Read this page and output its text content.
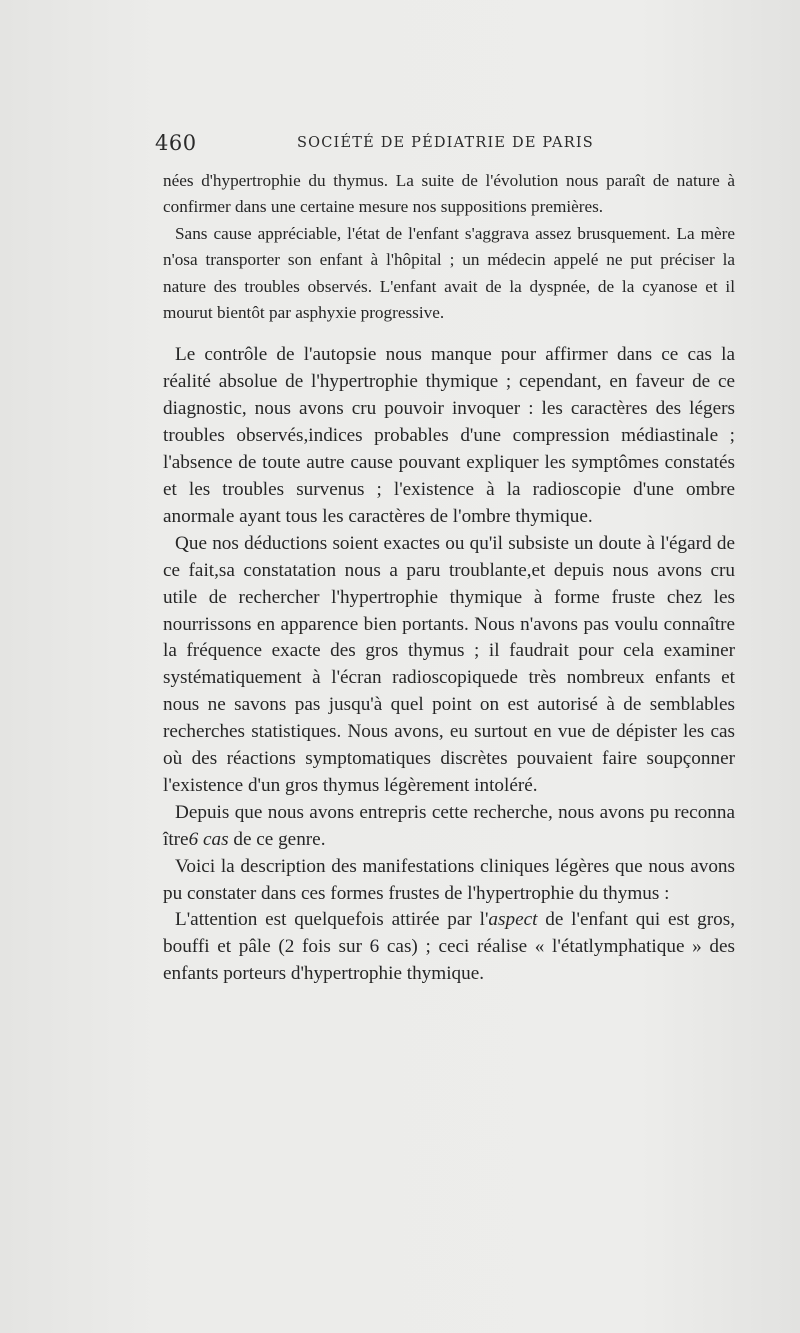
460	SOCIÉTÉ DE PÉDIATRIE DE PARIS

nées d'hypertrophie du thymus. La suite de l'évolution nous paraît de nature à confirmer dans une certaine mesure nos suppositions premières.

Sans cause appréciable, l'état de l'enfant s'aggrava assez brusquement. La mère n'osa transporter son enfant à l'hôpital ; un médecin appelé ne put préciser la nature des troubles observés. L'enfant avait de la dyspnée, de la cyanose et il mourut bientôt par asphyxie progressive.

Le contrôle de l'autopsie nous manque pour affirmer dans ce cas la réalité absolue de l'hypertrophie thymique ; cependant, en faveur de ce diagnostic, nous avons cru pouvoir invoquer : les caractères des légers troubles observés,indices probables d'une compression médiastinale ; l'absence de toute autre cause pouvant expliquer les symptômes constatés et les troubles survenus ; l'existence à la radioscopie d'une ombre anormale ayant tous les caractères de l'ombre thymique.

Que nos déductions soient exactes ou qu'il subsiste un doute à l'égard de ce fait,sa constatation nous a paru troublante,et depuis nous avons cru utile de rechercher l'hypertrophie thymique à forme fruste chez les nourrissons en apparence bien portants. Nous n'avons pas voulu connaître la fréquence exacte des gros thymus ; il faudrait pour cela examiner systématiquement à l'écran radioscopiquede très nombreux enfants et nous ne savons pas jusqu'à quel point on est autorisé à de semblables recherches statistiques. Nous avons, eu surtout en vue de dépister les cas où des réactions symptomatiques discrètes pouvaient faire soupçonner l'existence d'un gros thymus légèrement intoléré.

Depuis que nous avons entrepris cette recherche, nous avons pu reconna ître6 cas de ce genre.

Voici la description des manifestations cliniques légères que nous avons pu constater dans ces formes frustes de l'hypertrophie du thymus :

L'attention est quelquefois attirée par l'aspect de l'enfant qui est gros, bouffi et pâle (2 fois sur 6 cas) ; ceci réalise « l'étatlymphatique » des enfants porteurs d'hypertrophie thymique.
